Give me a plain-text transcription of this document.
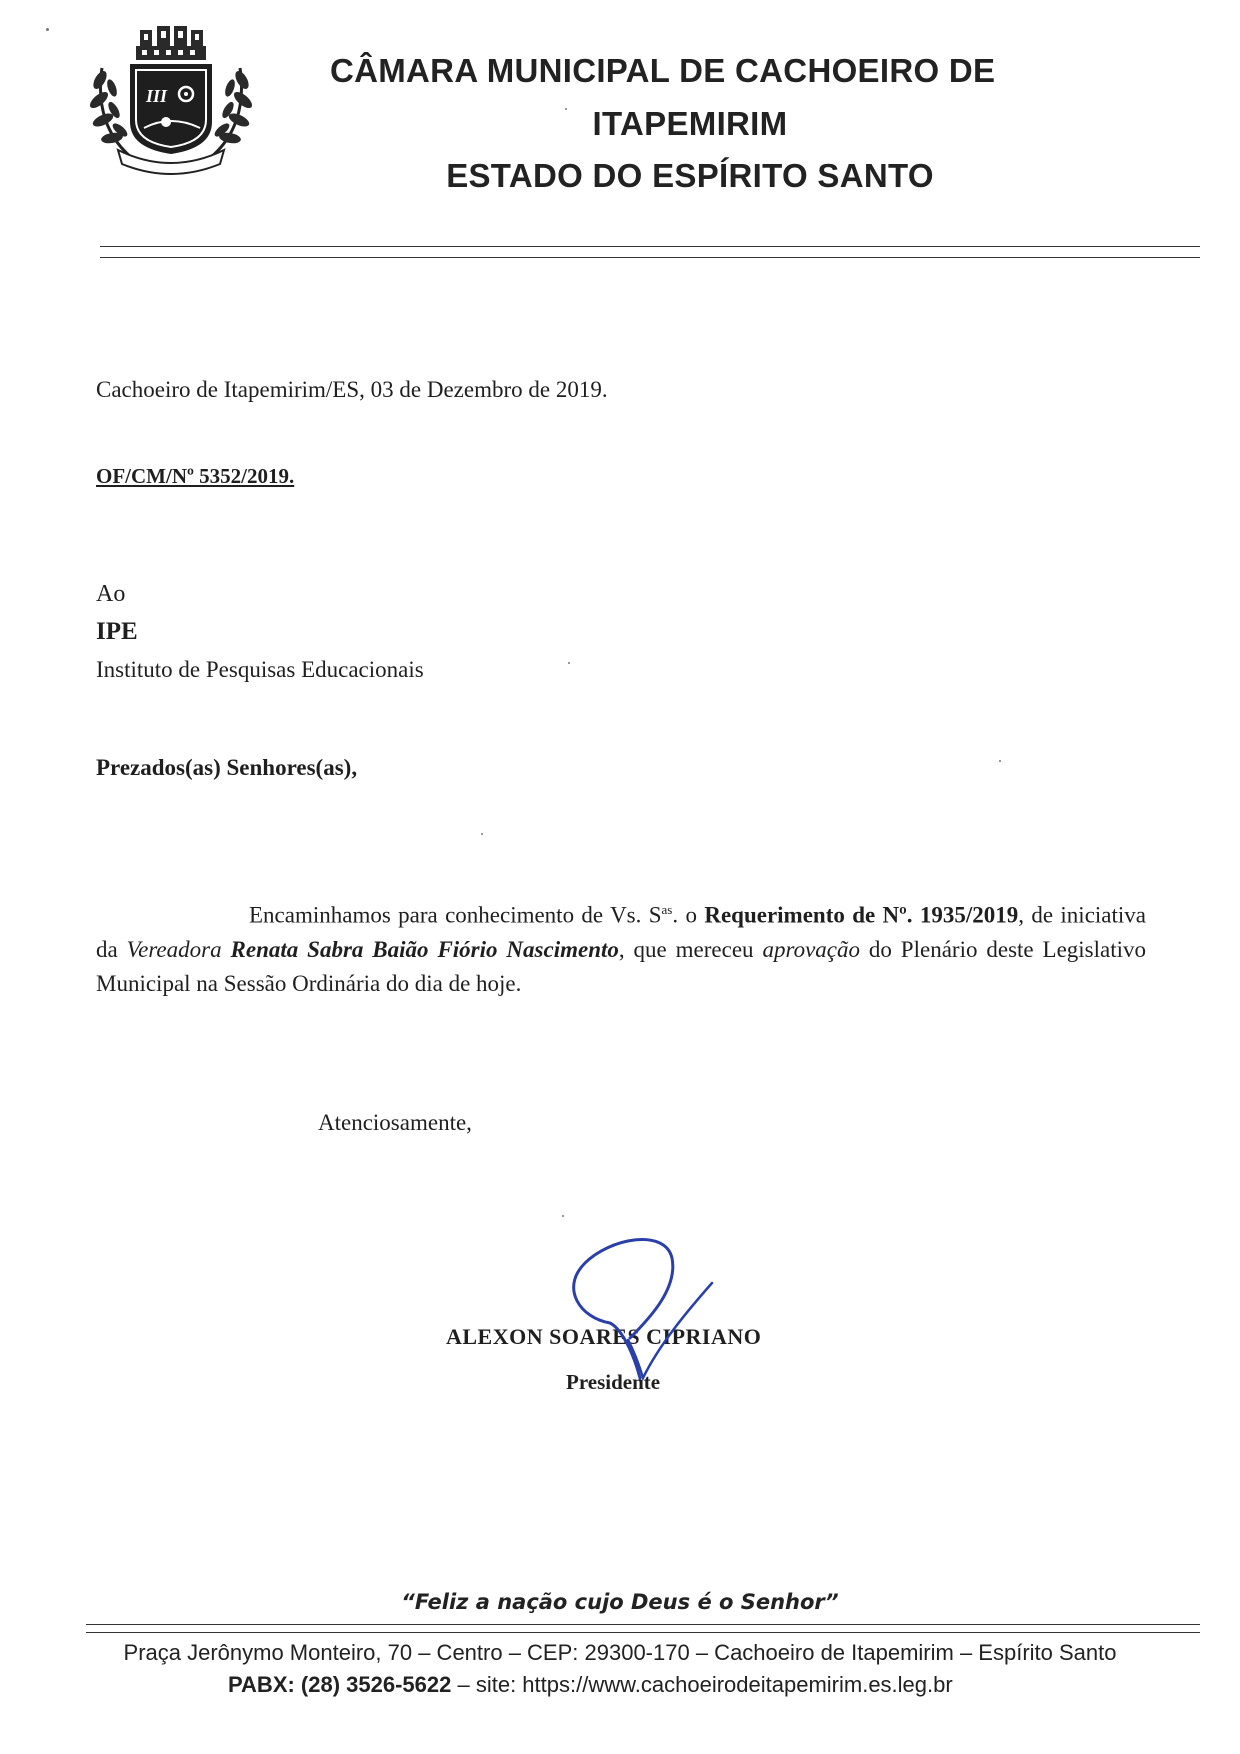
III
CÂMARA MUNICIPAL DE CACHOEIRO DE
ITAPEMIRIM
ESTADO DO ESPÍRITO SANTO
Cachoeiro de Itapemirim/ES, 03 de Dezembro de 2019.
OF/CM/Nº 5352/2019.
Ao
IPE
Instituto de Pesquisas Educacionais
Prezados(as) Senhores(as),
Encaminhamos para conhecimento de Vs. $S^{as}$. o Requerimento de Nº. 1935/2019, de iniciativa da Vereadora Renata Sabra Baião Fiório Nascimento, que mereceu aprovação do Plenário deste Legislativo Municipal na Sessão Ordinária do dia de hoje.
Atenciosamente,
ALEXON SOARES CIPRIANO
Presidente
“Feliz a nação cujo Deus é o Senhor”
Praça Jerônymo Monteiro, 70 – Centro – CEP: 29300-170 – Cachoeiro de Itapemirim – Espírito Santo
PABX: (28) 3526-5622 – site: https://www.cachoeirodeitapemirim.es.leg.br
